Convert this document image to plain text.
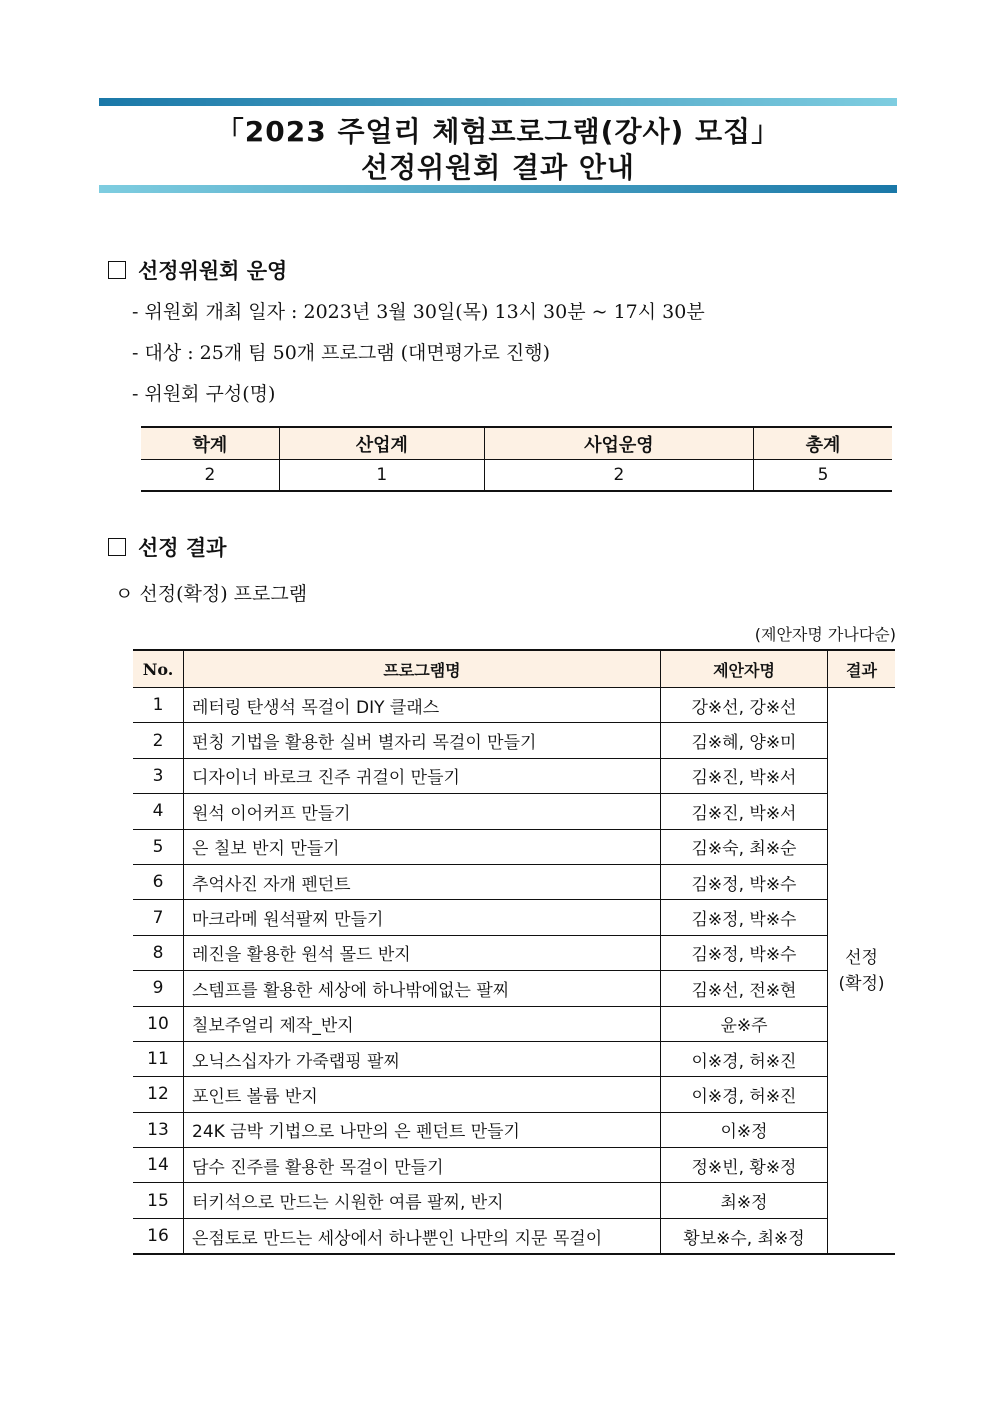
「2023 주얼리 체험프로그램(강사) 모집」
선정위원회 결과 안내
선정위원회 운영
- 위원회 개최 일자 : 2023년 3월 30일(목) 13시 30분 ~ 17시 30분
- 대상 : 25개 팀 50개 프로그램 (대면평가로 진행)
- 위원회 구성(명)
학계	산업계	사업운영	총계
2	1	2	5
선정 결과
ㅇ 선정(확정) 프로그램
(제안자명 가나다순)
No.	프로그램명	제안자명	결과
1	레터링 탄생석 목걸이 DIY 클래스	강※선, 강※선	선정
(확정)

2	펀칭 기법을 활용한 실버 별자리 목걸이 만들기	김※혜, 양※미	
3	디자이너 바로크 진주 귀걸이 만들기	김※진, 박※서	
4	원석 이어커프 만들기	김※진, 박※서	
5	은 칠보 반지 만들기	김※숙, 최※순	
6	추억사진 자개 펜던트	김※정, 박※수	
7	마크라메 원석팔찌 만들기	김※정, 박※수	
8	레진을 활용한 원석 몰드 반지	김※정, 박※수	
9	스템프를 활용한 세상에 하나밖에없는 팔찌	김※선, 전※현	
10	칠보주얼리 제작_반지	윤※주	
11	오닉스십자가 가죽랩핑 팔찌	이※경, 허※진	
12	포인트 볼륨 반지	이※경, 허※진	
13	24K 금박 기법으로 나만의 은 펜던트 만들기	이※정	
14	담수 진주를 활용한 목걸이 만들기	정※빈, 황※정	
15	터키석으로 만드는 시원한 여름 팔찌, 반지	최※정	
16	은점토로 만드는 세상에서 하나뿐인 나만의 지문 목걸이	황보※수, 최※정	
